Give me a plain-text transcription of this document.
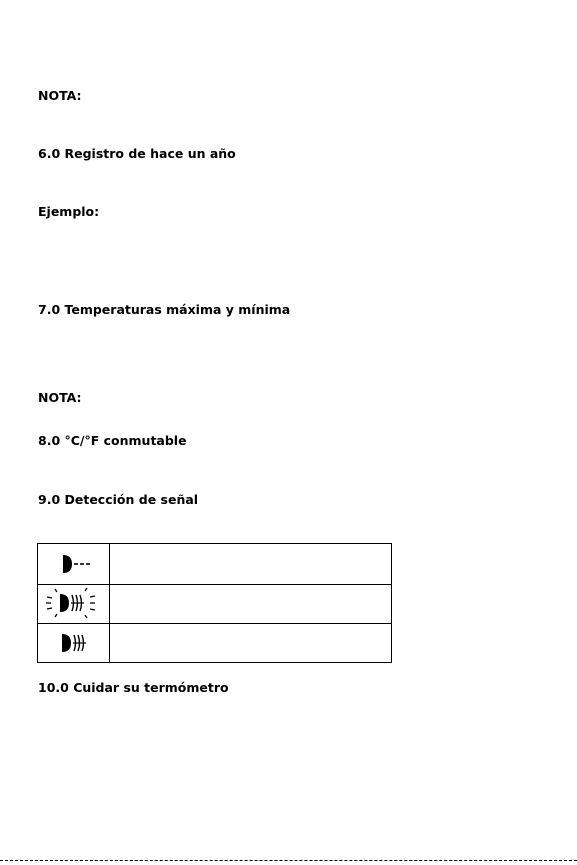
NOTA:
6.0 Registro de hace un año
Ejemplo:
7.0 Temperaturas máxima y mínima
NOTA:
8.0 °C/°F conmutable
9.0 Detección de señal
10.0 Cuidar su termómetro
